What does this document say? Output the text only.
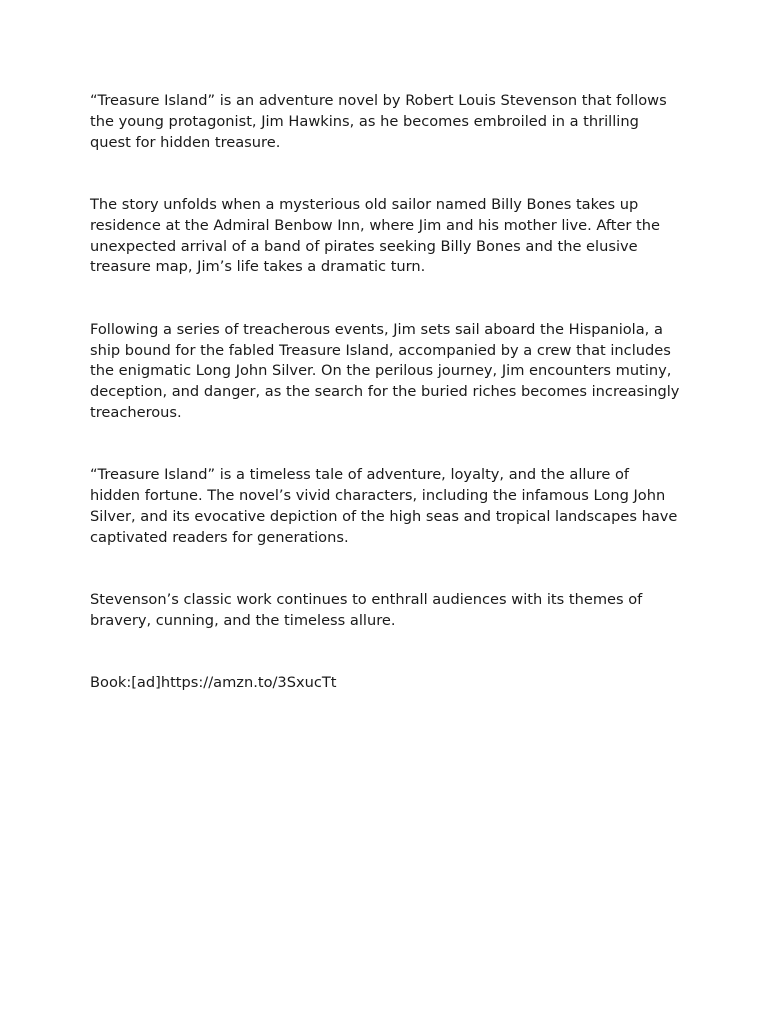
“Treasure Island” is an adventure novel by Robert Louis Stevenson that follows the young protagonist, Jim Hawkins, as he becomes embroiled in a thrilling quest for hidden treasure.

The story unfolds when a mysterious old sailor named Billy Bones takes up residence at the Admiral Benbow Inn, where Jim and his mother live. After the unexpected arrival of a band of pirates seeking Billy Bones and the elusive treasure map, Jim’s life takes a dramatic turn.

Following a series of treacherous events, Jim sets sail aboard the Hispaniola, a ship bound for the fabled Treasure Island, accompanied by a crew that includes the enigmatic Long John Silver. On the perilous journey, Jim encounters mutiny, deception, and danger, as the search for the buried riches becomes increasingly treacherous.

“Treasure Island” is a timeless tale of adventure, loyalty, and the allure of hidden fortune. The novel’s vivid characters, including the infamous Long John Silver, and its evocative depiction of the high seas and tropical landscapes have captivated readers for generations.

Stevenson’s classic work continues to enthrall audiences with its themes of bravery, cunning, and the timeless allure.

Book:[ad]https://amzn.to/3SxucTt
